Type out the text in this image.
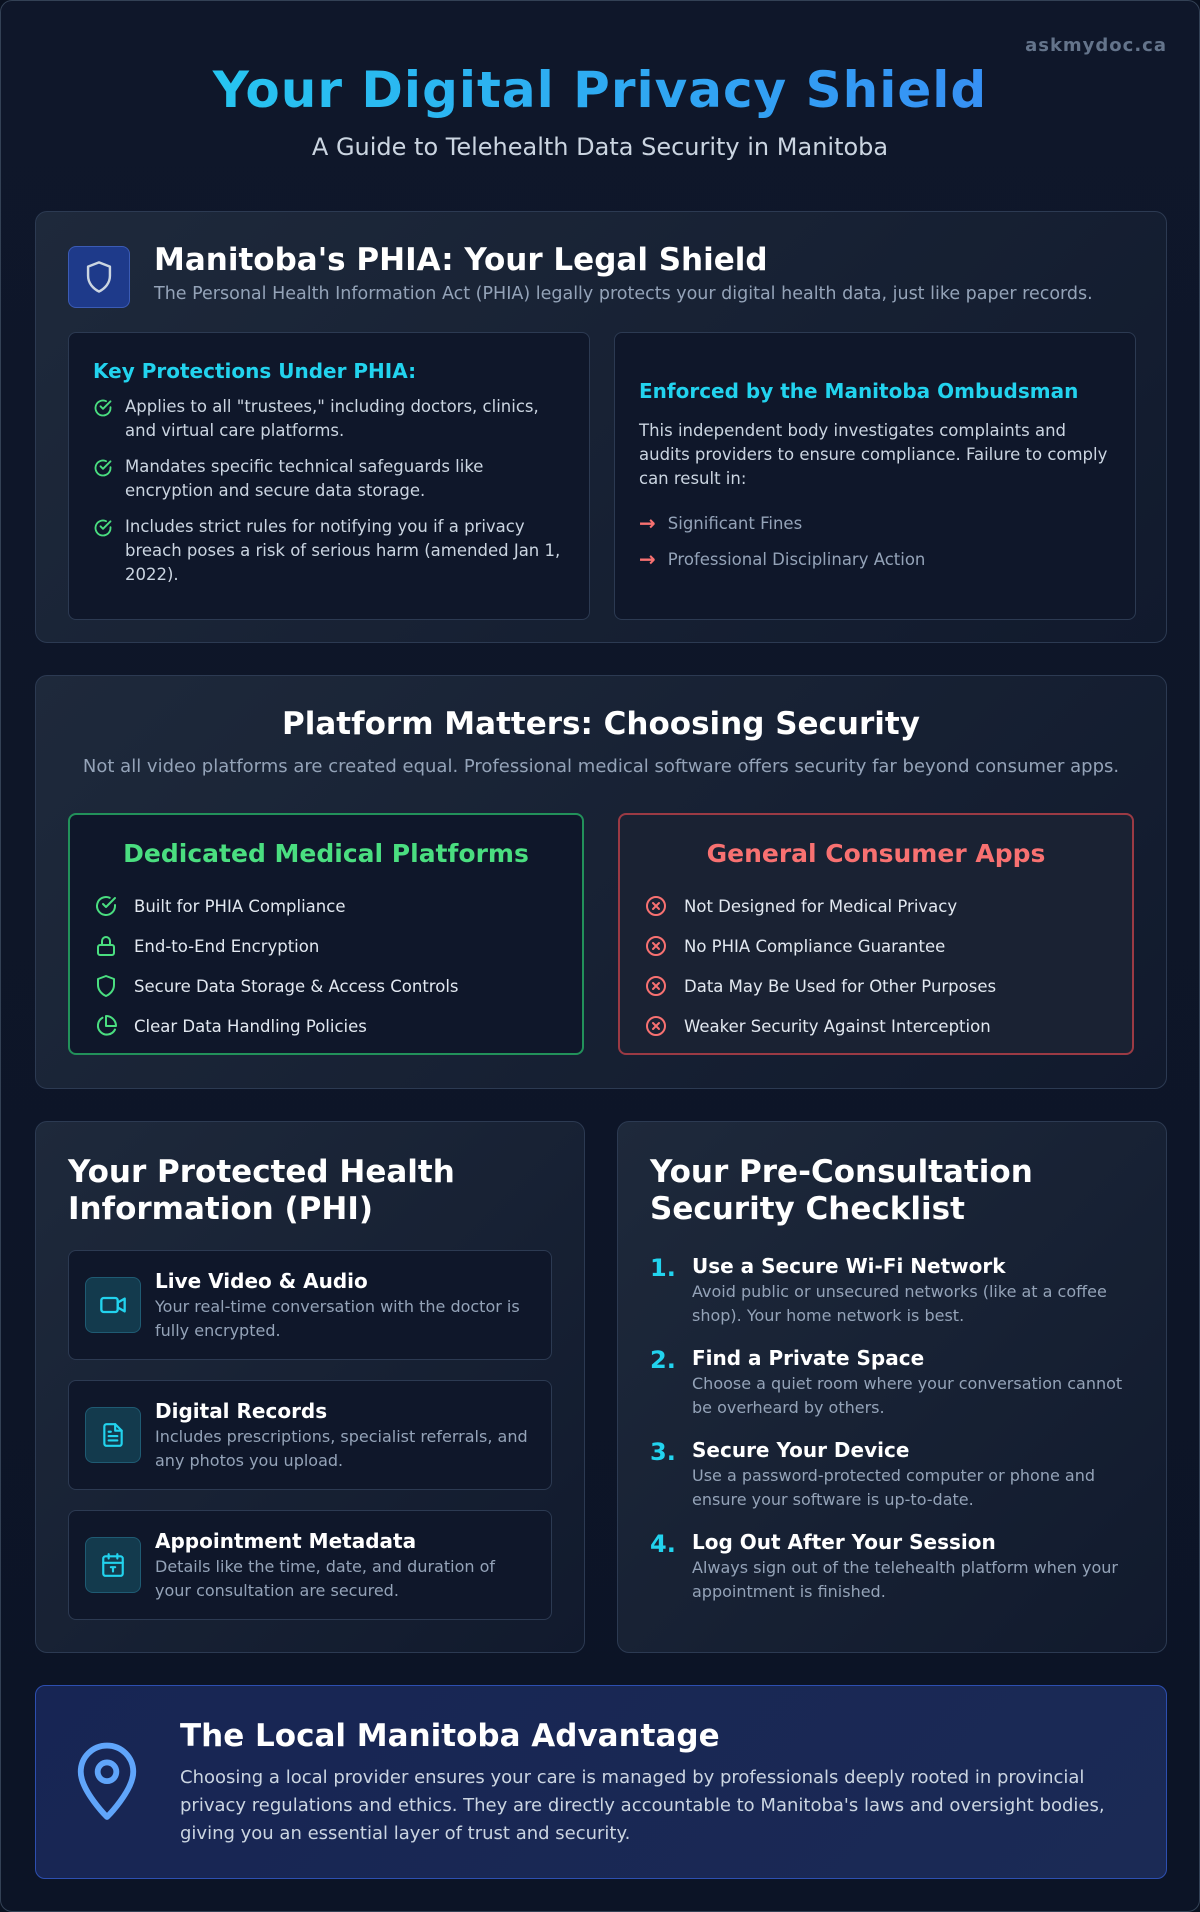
askmydoc.ca
Your Digital Privacy Shield

A Guide to Telehealth Data Security in Manitoba

Manitoba's PHIA: Your Legal Shield
The Personal Health Information Act (PHIA) legally protects your digital health data, just like paper records.
Key Protections Under PHIA:
Applies to all "trustees," including doctors, clinics, and virtual care platforms.
Mandates specific technical safeguards like encryption and secure data storage.
Includes strict rules for notifying you if a privacy breach poses a risk of serious harm (amended Jan 1, 2022).
Enforced by the Manitoba Ombudsman
This independent body investigates complaints and audits providers to ensure compliance. Failure to comply can result in:
→ Significant Fines
→ Professional Disciplinary Action
Platform Matters: Choosing Security
Not all video platforms are created equal. Professional medical software offers security far beyond consumer apps.
Dedicated Medical Platforms
Built for PHIA Compliance
End-to-End Encryption
Secure Data Storage & Access Controls
Clear Data Handling Policies
General Consumer Apps
Not Designed for Medical Privacy
No PHIA Compliance Guarantee
Data May Be Used for Other Purposes
Weaker Security Against Interception
Your Protected Health
Information (PHI)
Live Video & Audio
Your real-time conversation with the doctor is fully encrypted.
Digital Records
Includes prescriptions, specialist referrals, and any photos you upload.
Appointment Metadata
Details like the time, date, and duration of your consultation are secured.
Your Pre-Consultation
Security Checklist
1. Use a Secure Wi-Fi Network
Avoid public or unsecured networks (like at a coffee shop). Your home network is best.
2. Find a Private Space
Choose a quiet room where your conversation cannot be overheard by others.
3. Secure Your Device
Use a password-protected computer or phone and ensure your software is up-to-date.
4. Log Out After Your Session
Always sign out of the telehealth platform when your appointment is finished.
The Local Manitoba Advantage
Choosing a local provider ensures your care is managed by professionals deeply rooted in provincial privacy regulations and ethics. They are directly accountable to Manitoba's laws and oversight bodies, giving you an essential layer of trust and security.
